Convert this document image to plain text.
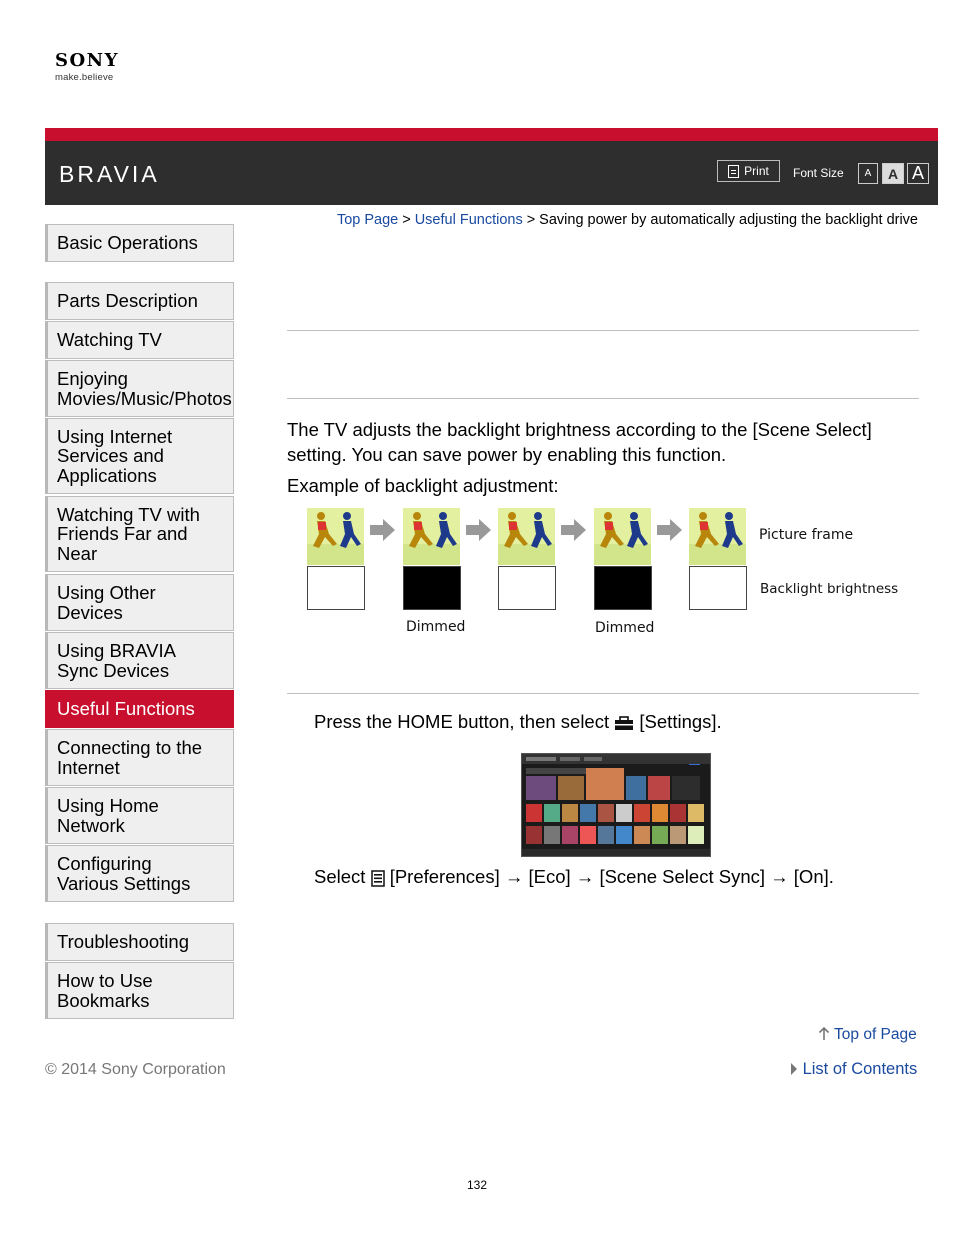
SONY
make.believe
BRAVIA	Print Font Size	A	A A
Top Page > Useful Functions > Saving power by automatically adjusting the backlight drive
Basic Operations
Parts Description
Watching TV
Enjoying
Movies/Music/Photos
Using Internet
Services and
Applications
Watching TV with
Friends Far and
Near
Using Other
Devices
Using BRAVIA
Sync Devices
Useful Functions
Connecting to the
Internet
Using Home
Network
Configuring
Various Settings
Troubleshooting
How to Use
Bookmarks
The TV adjusts the backlight brightness according to the [Scene Select] setting. You can save power by enabling this function.
Example of backlight adjustment:
Picture frame
Backlight brightness
Dimmed	Dimmed
Press the HOME button, then select [Settings].
Select [Preferences] → [Eco] → [Scene Select Sync] → [On].
Top of Page
List of Contents
© 2014 Sony Corporation
132
